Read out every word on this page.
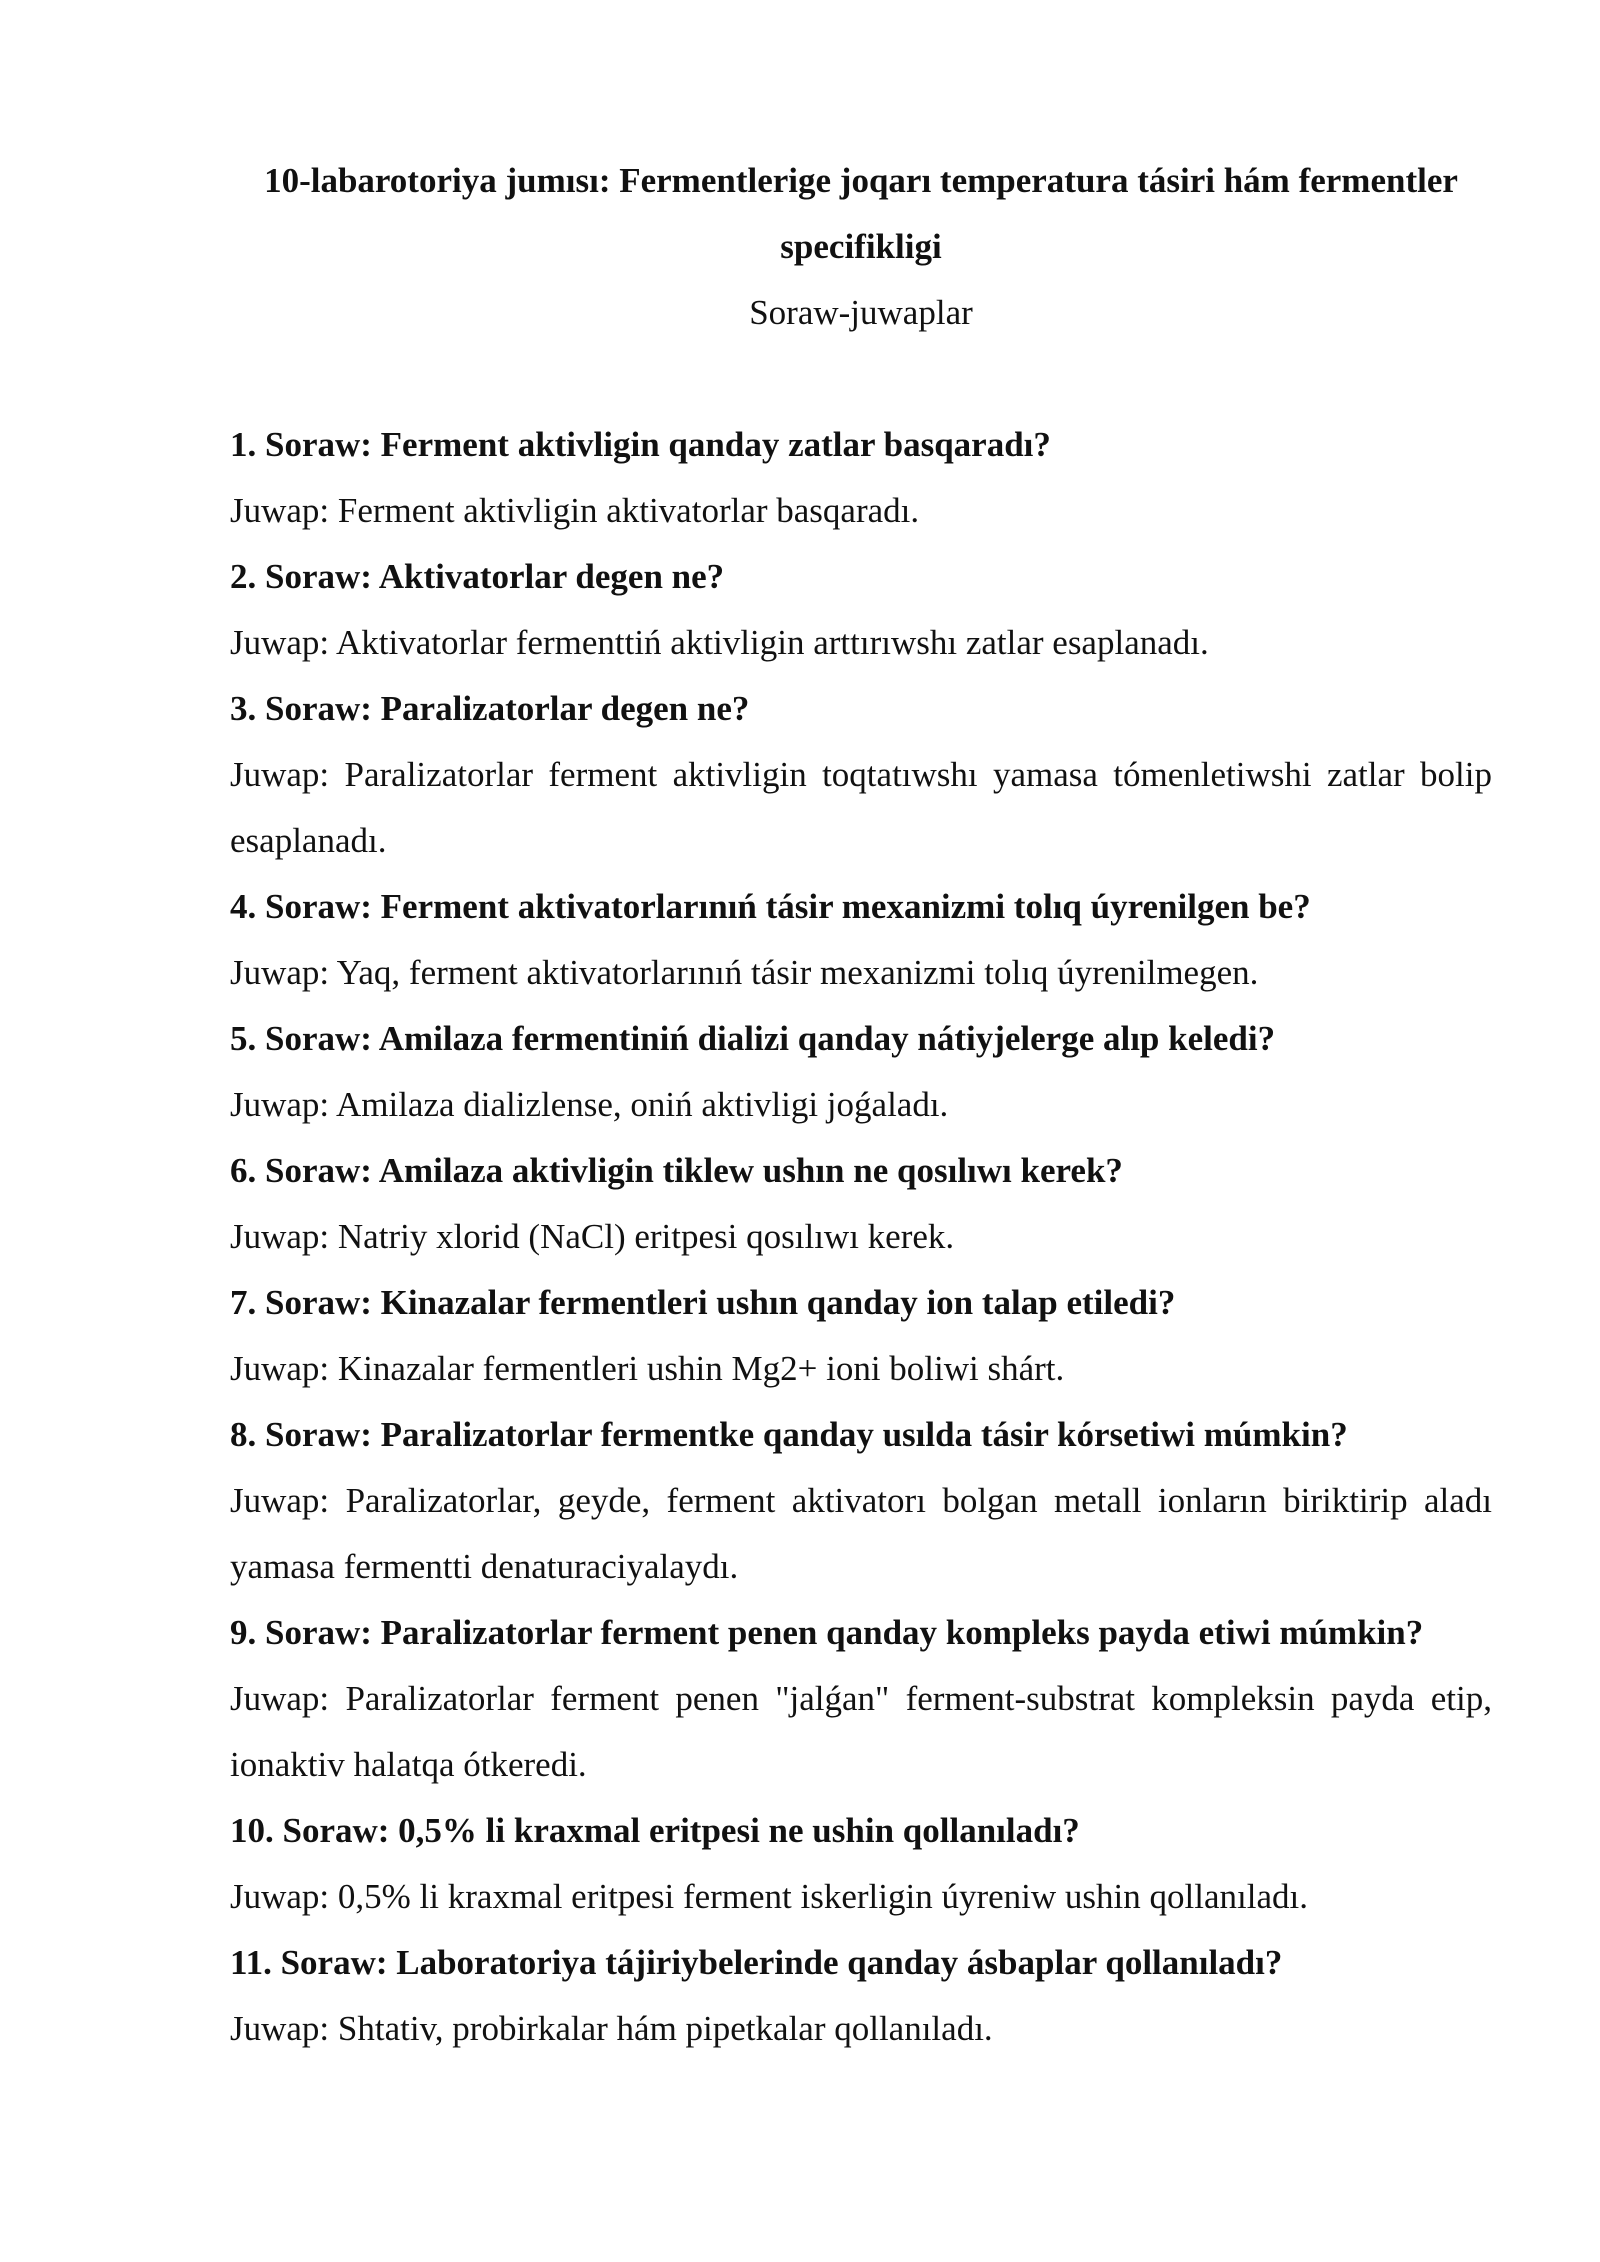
10-labarotoriya jumısı: Fermentlerige joqarı temperatura tásiri hám fermentler specifikligi

Soraw-juwaplar

1. Soraw: Ferment aktivligin qanday zatlar basqaradı?

Juwap: Ferment aktivligin aktivatorlar basqaradı.

2. Soraw: Aktivatorlar degen ne?

Juwap: Aktivatorlar fermenttiń aktivligin arttırıwshı zatlar esaplanadı.

3. Soraw: Paralizatorlar degen ne?

Juwap: Paralizatorlar ferment aktivligin toqtatıwshı yamasa tómenletiwshi zatlar bolip esaplanadı.

4. Soraw: Ferment aktivatorlarınıń tásir mexanizmi tolıq úyrenilgen be?

Juwap: Yaq, ferment aktivatorlarınıń tásir mexanizmi tolıq úyrenilmegen.

5. Soraw: Amilaza fermentiniń dializi qanday nátiyjelerge alıp keledi?

Juwap: Amilaza dializlense, oniń aktivligi joǵaladı.

6. Soraw: Amilaza aktivligin tiklew ushın ne qosılıwı kerek?

Juwap: Natriy xlorid (NaCl) eritpesi qosılıwı kerek.

7. Soraw: Kinazalar fermentleri ushın qanday ion talap etiledi?

Juwap: Kinazalar fermentleri ushin Mg2+ ioni boliwi shárt.

8. Soraw: Paralizatorlar fermentke qanday usılda tásir kórsetiwi múmkin?

Juwap: Paralizatorlar, geyde, ferment aktivatorı bolgan metall ionların biriktirip aladı yamasa fermentti denaturaciyalaydı.

9. Soraw: Paralizatorlar ferment penen qanday kompleks payda etiwi múmkin?

Juwap: Paralizatorlar ferment penen "jalǵan" ferment-substrat kompleksin payda etip, ionaktiv halatqa ótkeredi.

10. Soraw: 0,5% li kraxmal eritpesi ne ushin qollanıladı?

Juwap: 0,5% li kraxmal eritpesi ferment iskerligin úyreniw ushin qollanıladı.

11. Soraw: Laboratoriya tájiriybelerinde qanday ásbaplar qollanıladı?

Juwap: Shtativ, probirkalar hám pipetkalar qollanıladı.
